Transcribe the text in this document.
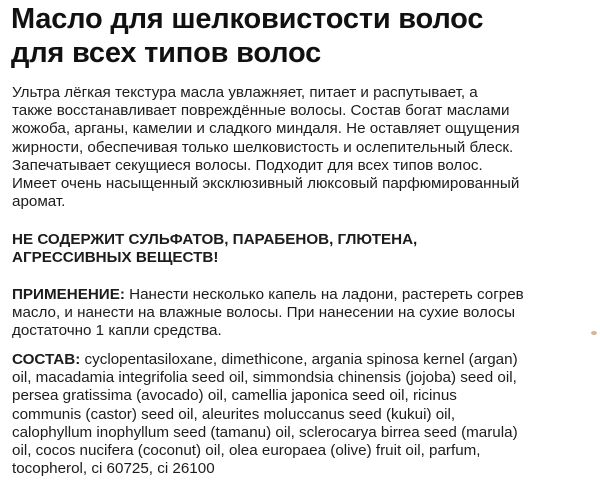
Масло для шелковистости волос
для всех типов волос
Ультра лёгкая текстура масла увлажняет, питает и распутывает, а
также восстанавливает повреждённые волосы. Состав богат маслами
жожоба, арганы, камелии и сладкого миндаля. Не оставляет ощущения
жирности, обеспечивая только шелковистость и ослепительный блеск.
Запечатывает секущиеся волосы. Подходит для всех типов волос.
Имеет очень насыщенный эксклюзивный люксовый парфюмированный
аромат.
НЕ СОДЕРЖИТ СУЛЬФАТОВ, ПАРАБЕНОВ, ГЛЮТЕНА,
АГРЕССИВНЫХ ВЕЩЕСТВ!
ПРИМЕНЕНИЕ: Нанести несколько капель на ладони, растереть согрев
масло, и нанести на влажные волосы. При нанесении на сухие волосы
достаточно 1 капли средства.
СОСТАВ: cyclopentasiloxane, dimethicone, argania spinosa kernel (argan)
oil, macadamia integrifolia seed oil, simmondsia chinensis (jojoba) seed oil,
persea gratissima (avocado) oil, camellia japonica seed oil, ricinus
communis (castor) seed oil, aleurites moluccanus seed (kukui) oil,
calophyllum inophyllum seed (tamanu) oil, sclerocarya birrea seed (marula)
oil, cocos nucifera (coconut) oil, olea europaea (olive) fruit oil, parfum,
tocopherol, ci 60725, ci 26100
